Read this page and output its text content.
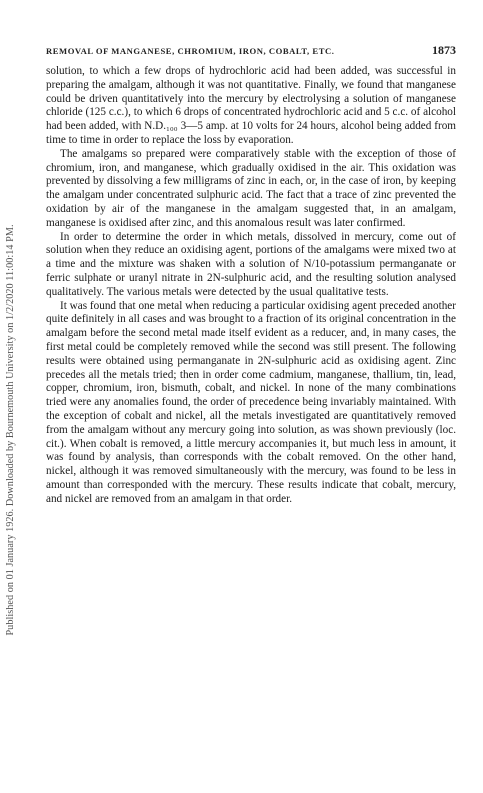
Published on 01 January 1926. Downloaded by Bournemouth University on 1/2/2020 11:00:14 PM.
REMOVAL OF MANGANESE, CHROMIUM, IRON, COBALT, ETC.	1873

solution, to which a few drops of hydrochloric acid had been added, was successful in preparing the amalgam, although it was not quantitative. Finally, we found that manganese could be driven quantitatively into the mercury by electrolysing a solution of manganese chloride (125 c.c.), to which 6 drops of concentrated hydrochloric acid and 5 c.c. of alcohol had been added, with N.D.₁₀₀ 3—5 amp. at 10 volts for 24 hours, alcohol being added from time to time in order to replace the loss by evaporation.

The amalgams so prepared were comparatively stable with the exception of those of chromium, iron, and manganese, which gradually oxidised in the air. This oxidation was prevented by dissolving a few milligrams of zinc in each, or, in the case of iron, by keeping the amalgam under concentrated sulphuric acid. The fact that a trace of zinc prevented the oxidation by air of the manganese in the amalgam suggested that, in an amalgam, manganese is oxidised after zinc, and this anomalous result was later confirmed.

In order to determine the order in which metals, dissolved in mercury, come out of solution when they reduce an oxidising agent, portions of the amalgams were mixed two at a time and the mixture was shaken with a solution of N/10-potassium permanganate or ferric sulphate or uranyl nitrate in 2N-sulphuric acid, and the resulting solution analysed qualitatively. The various metals were detected by the usual qualitative tests.

It was found that one metal when reducing a particular oxidising agent preceded another quite definitely in all cases and was brought to a fraction of its original concentration in the amalgam before the second metal made itself evident as a reducer, and, in many cases, the first metal could be completely removed while the second was still present. The following results were obtained using permanganate in 2N-sulphuric acid as oxidising agent. Zinc precedes all the metals tried; then in order come cadmium, manganese, thallium, tin, lead, copper, chromium, iron, bismuth, cobalt, and nickel. In none of the many combinations tried were any anomalies found, the order of precedence being invariably maintained. With the exception of cobalt and nickel, all the metals investigated are quantitatively removed from the amalgam without any mercury going into solution, as was shown previously (loc. cit.). When cobalt is removed, a little mercury accompanies it, but much less in amount, it was found by analysis, than corresponds with the cobalt removed. On the other hand, nickel, although it was removed simultaneously with the mercury, was found to be less in amount than corresponded with the mercury. These results indicate that cobalt, mercury, and nickel are removed from an amalgam in that order.
